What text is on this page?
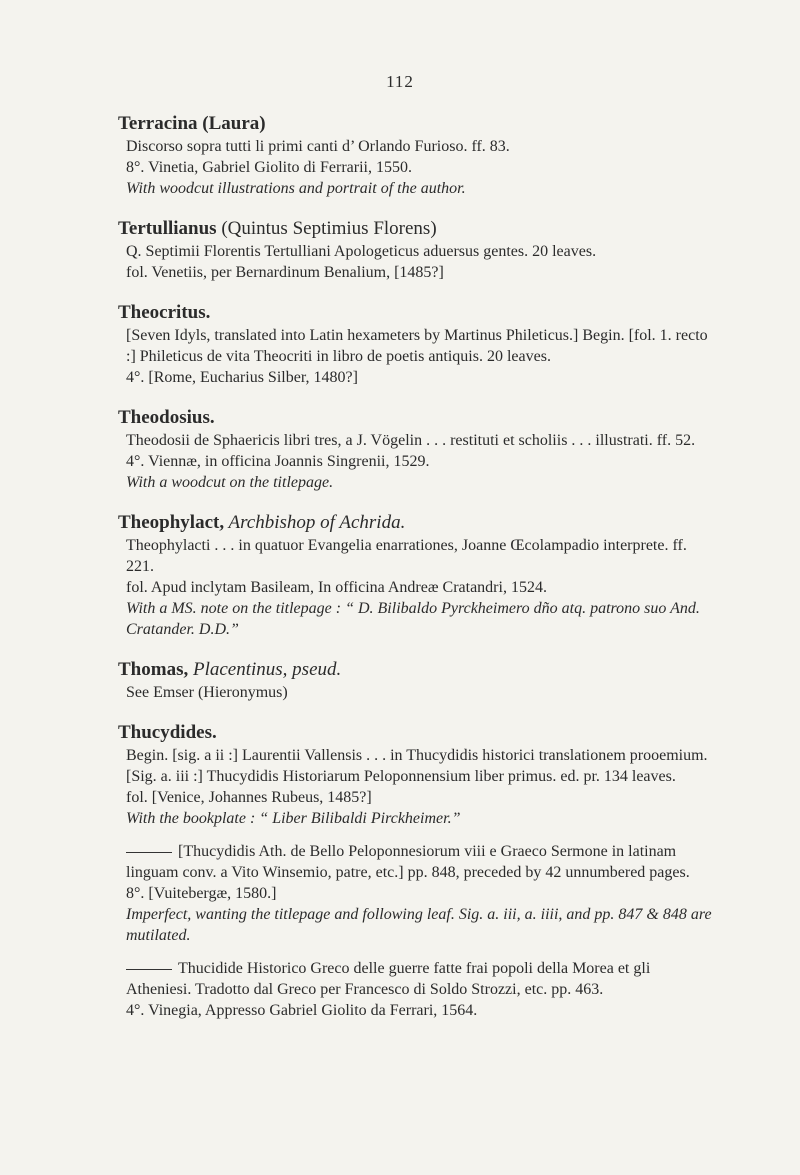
112
Terracina (Laura)

Discorso sopra tutti li primi canti d’ Orlando Furioso. ff. 83.

8°. Vinetia, Gabriel Giolito di Ferrarii, 1550.

With woodcut illustrations and portrait of the author.

Tertullianus (Quintus Septimius Florens)

Q. Septimii Florentis Tertulliani Apologeticus aduersus gentes. 20 leaves.

fol. Venetiis, per Bernardinum Benalium, [1485?]

Theocritus.

[Seven Idyls, translated into Latin hexameters by Martinus Phileticus.] Begin. [fol. 1. recto :] Phileticus de vita Theocriti in libro de poetis antiquis. 20 leaves.

4°. [Rome, Eucharius Silber, 1480?]

Theodosius.

Theodosii de Sphaericis libri tres, a J. Vögelin . . . restituti et scholiis . . . illustrati. ff. 52.

4°. Viennæ, in officina Joannis Singrenii, 1529.

With a woodcut on the titlepage.

Theophylact, Archbishop of Achrida.

Theophylacti . . . in quatuor Evangelia enarrationes, Joanne Œcolampadio interprete. ff. 221.

fol. Apud inclytam Basileam, In officina Andreæ Cratandri, 1524.

With a MS. note on the titlepage : “ D. Bilibaldo Pyrckheimero dño atq. patrono suo And. Cratander. D.D.”

Thomas, Placentinus, pseud.

See Emser (Hieronymus)

Thucydides.

Begin. [sig. a ii :] Laurentii Vallensis . . . in Thucydidis historici translationem prooemium. [Sig. a. iii :] Thucydidis Historiarum Peloponnensium liber primus. ed. pr. 134 leaves.

fol. [Venice, Johannes Rubeus, 1485?]

With the bookplate : “ Liber Bilibaldi Pirckheimer.”

[Thucydidis Ath. de Bello Peloponnesiorum viii e Graeco Sermone in latinam linguam conv. a Vito Winsemio, patre, etc.] pp. 848, preceded by 42 unnumbered pages.

8°. [Vuitebergæ, 1580.]

Imperfect, wanting the titlepage and following leaf. Sig. a. iii, a. iiii, and pp. 847 & 848 are mutilated.

Thucidide Historico Greco delle guerre fatte frai popoli della Morea et gli Atheniesi. Tradotto dal Greco per Francesco di Soldo Strozzi, etc. pp. 463.

4°. Vinegia, Appresso Gabriel Giolito da Ferrari, 1564.
